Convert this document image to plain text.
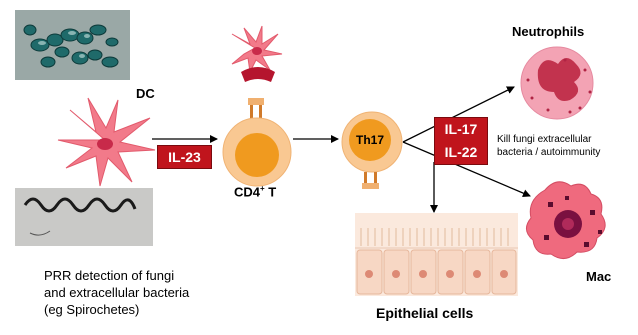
DC
IL-23
CD4+ T
Th17
IL-17
IL-22
Neutrophils
Kill fungi extracellular
bacteria / autoimmunity
Mac
Epithelial cells
PRR detection of fungi
and extracellular bacteria
(eg Spirochetes)
